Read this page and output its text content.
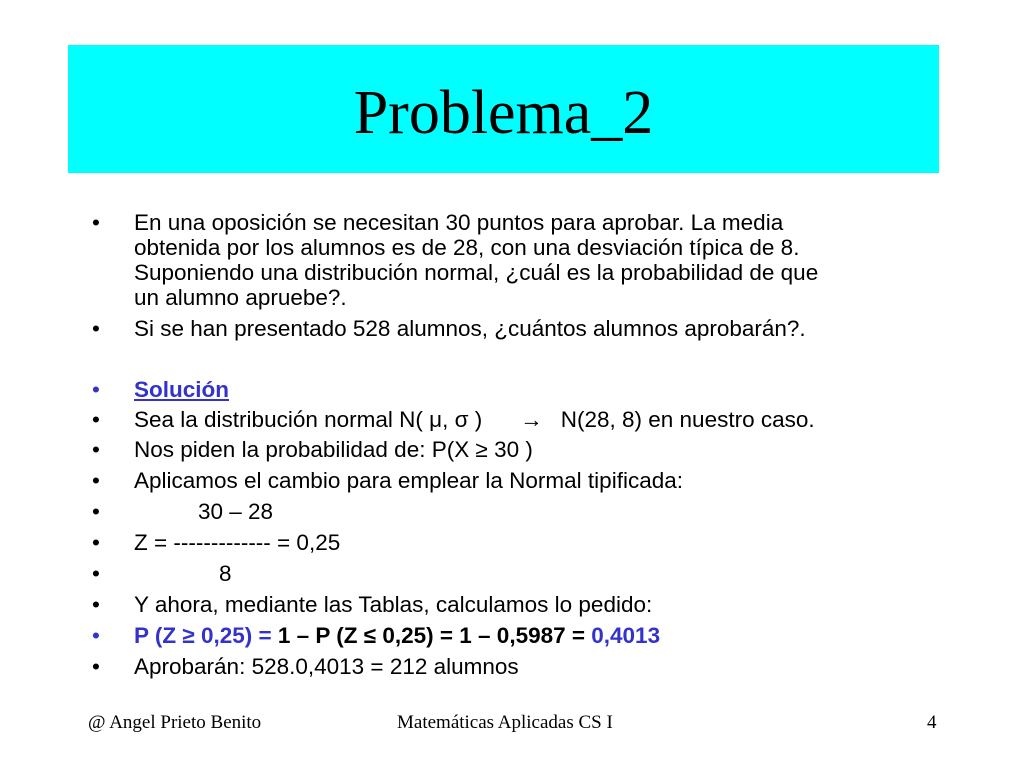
Problema_2
•	En una oposición se necesitan 30 puntos para aprobar. La media
obtenida por los alumnos es de 28, con una desviación típica de 8.
Suponiendo una distribución normal, ¿cuál es la probabilidad de que
un alumno apruebe?.
•	Si se han presentado 528 alumnos, ¿cuántos alumnos aprobarán?.
•	Solución
•	Sea la distribución normal N( μ, σ ) → N(28, 8) en nuestro caso.
•	Nos piden la probabilidad de: P(X ≥ 30 )
•	Aplicamos el cambio para emplear la Normal tipificada:
•	30 – 28
•	Z = ------------- = 0,25
•	8
•	Y ahora, mediante las Tablas, calculamos lo pedido:
•	P (Z ≥ 0,25) = 1 – P (Z ≤ 0,25) = 1 – 0,5987 = 0,4013
•	Aprobarán: 528.0,4013 = 212 alumnos
@ Angel Prieto Benito	Matemáticas Aplicadas CS I	4
